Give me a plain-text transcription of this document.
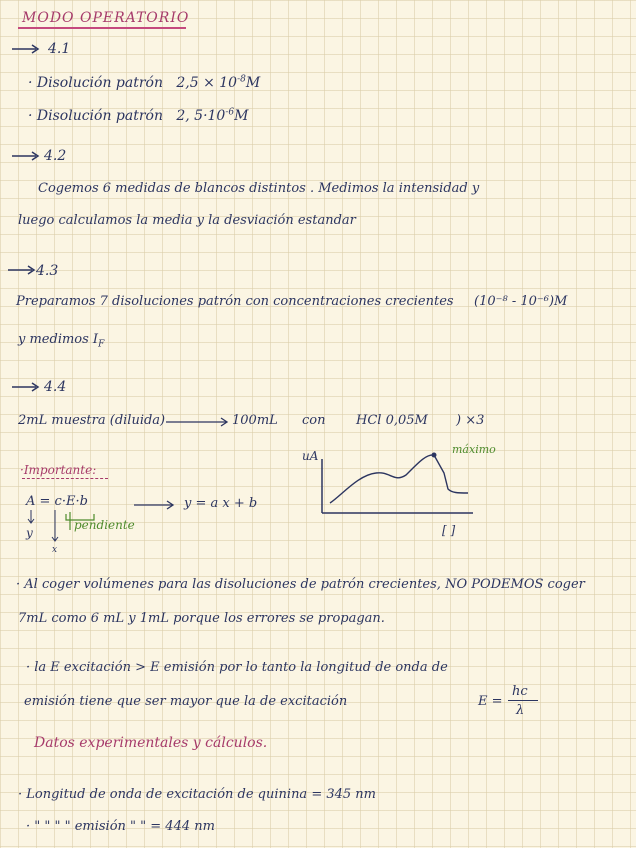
MODO OPERATORIO
4.1
· Disolución patrón $2,5 \times 10^{-8}M$
· Disolución patrón 2, $5\cdot 10^{-6}M$
4.2
Cogemos 6 medidas de blancos distintos . Medimos la intensidad y
luego calculamos la media y la desviación estandar
4.3
Preparamos 7 disoluciones patrón con concentraciones crecientes (10⁻⁸ - 10⁻⁶)M
y medimos $I_F$
4.4
2mL muestra (diluida)	100mL con HCl 0,05M ) ×3
·Importante:
A = c·E·b
y
x
pendiente
y = a x + b
uA	máximo
[ ]
· Al coger volúmenes para las disoluciones de patrón crecientes, NO PODEMOS coger
7mL como 6 mL y 1mL porque los errores se propagan.
· la E excitación > E emisión por lo tanto la longitud de onda de
emisión tiene que ser mayor que la de excitación	E =
hc
λ
Datos experimentales y cálculos.
· Longitud de onda de excitación de quinina = 345 nm
· " " " " emisión " " = 444 nm
